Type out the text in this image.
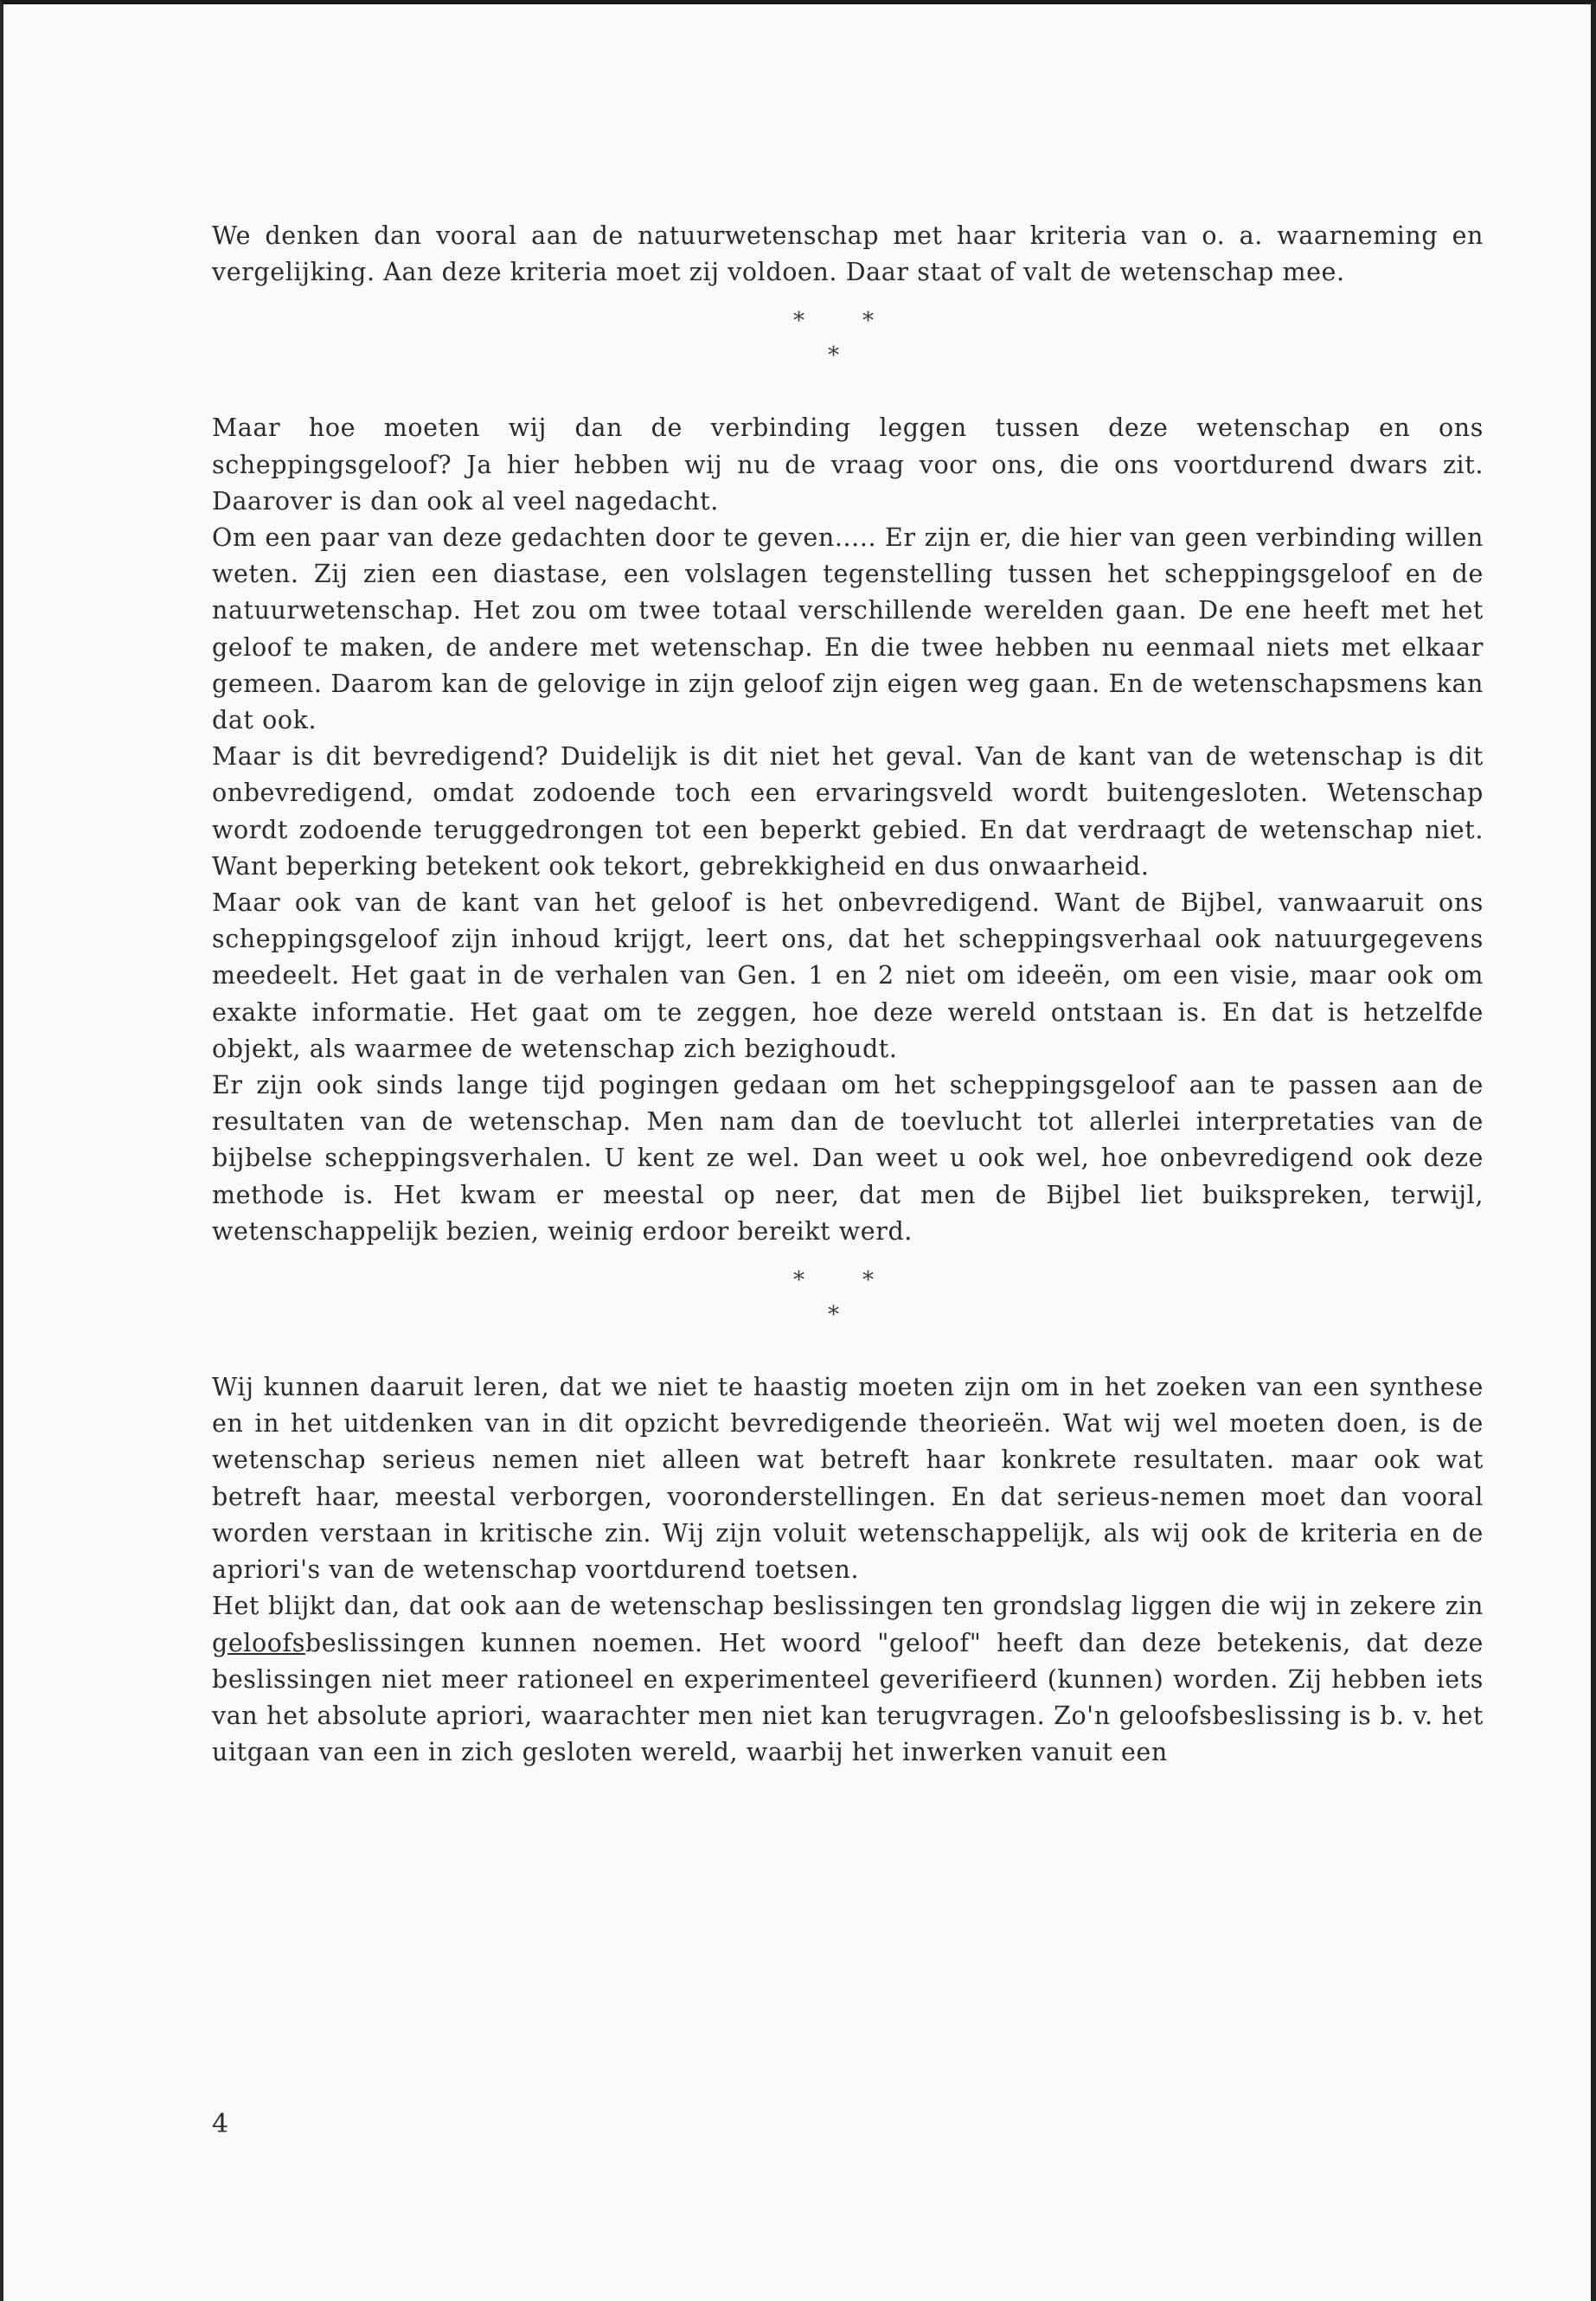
We denken dan vooral aan de natuurwetenschap met haar kriteria van o. a. waarneming en vergelijking. Aan deze kriteria moet zij voldoen. Daar staat of valt de wetenschap mee.

*	*
*

Maar hoe moeten wij dan de verbinding leggen tussen deze wetenschap en ons scheppingsgeloof? Ja hier hebben wij nu de vraag voor ons, die ons voortdurend dwars zit. Daarover is dan ook al veel nagedacht.

Om een paar van deze gedachten door te geven..... Er zijn er, die hier van geen verbinding willen weten. Zij zien een diastase, een volslagen tegenstelling tussen het scheppingsgeloof en de natuurwetenschap. Het zou om twee totaal verschillende werelden gaan. De ene heeft met het geloof te maken, de andere met wetenschap. En die twee hebben nu eenmaal niets met elkaar gemeen. Daarom kan de gelovige in zijn geloof zijn eigen weg gaan. En de wetenschapsmens kan dat ook.

Maar is dit bevredigend? Duidelijk is dit niet het geval. Van de kant van de wetenschap is dit onbevredigend, omdat zodoende toch een ervaringsveld wordt buitengesloten. Wetenschap wordt zodoende teruggedrongen tot een beperkt gebied. En dat verdraagt de wetenschap niet. Want beperking betekent ook tekort, gebrekkigheid en dus onwaarheid.

Maar ook van de kant van het geloof is het onbevredigend. Want de Bijbel, vanwaaruit ons scheppingsgeloof zijn inhoud krijgt, leert ons, dat het scheppingsverhaal ook natuurgegevens meedeelt. Het gaat in de verhalen van Gen. 1 en 2 niet om ideeën, om een visie, maar ook om exakte informatie. Het gaat om te zeggen, hoe deze wereld ontstaan is. En dat is hetzelfde objekt, als waarmee de wetenschap zich bezighoudt.

Er zijn ook sinds lange tijd pogingen gedaan om het scheppingsgeloof aan te passen aan de resultaten van de wetenschap. Men nam dan de toevlucht tot allerlei interpretaties van de bijbelse scheppingsverhalen. U kent ze wel. Dan weet u ook wel, hoe onbevredigend ook deze methode is. Het kwam er meestal op neer, dat men de Bijbel liet buikspreken, terwijl, wetenschappelijk bezien, weinig erdoor bereikt werd.

*	*
*

Wij kunnen daaruit leren, dat we niet te haastig moeten zijn om in het zoeken van een synthese en in het uitdenken van in dit opzicht bevredigende theorieën. Wat wij wel moeten doen, is de wetenschap serieus nemen niet alleen wat betreft haar konkrete resultaten. maar ook wat betreft haar, meestal verborgen, vooronderstellingen. En dat serieus-nemen moet dan vooral worden verstaan in kritische zin. Wij zijn voluit wetenschappelijk, als wij ook de kriteria en de apriori's van de wetenschap voortdurend toetsen.

Het blijkt dan, dat ook aan de wetenschap beslissingen ten grondslag liggen die wij in zekere zin geloofsbeslissingen kunnen noemen. Het woord "geloof" heeft dan deze betekenis, dat deze beslissingen niet meer rationeel en experimenteel geverifieerd (kunnen) worden. Zij hebben iets van het absolute apriori, waarachter men niet kan terugvragen. Zo'n geloofsbeslissing is b. v. het uitgaan van een in zich gesloten wereld, waarbij het inwerken vanuit een

4
